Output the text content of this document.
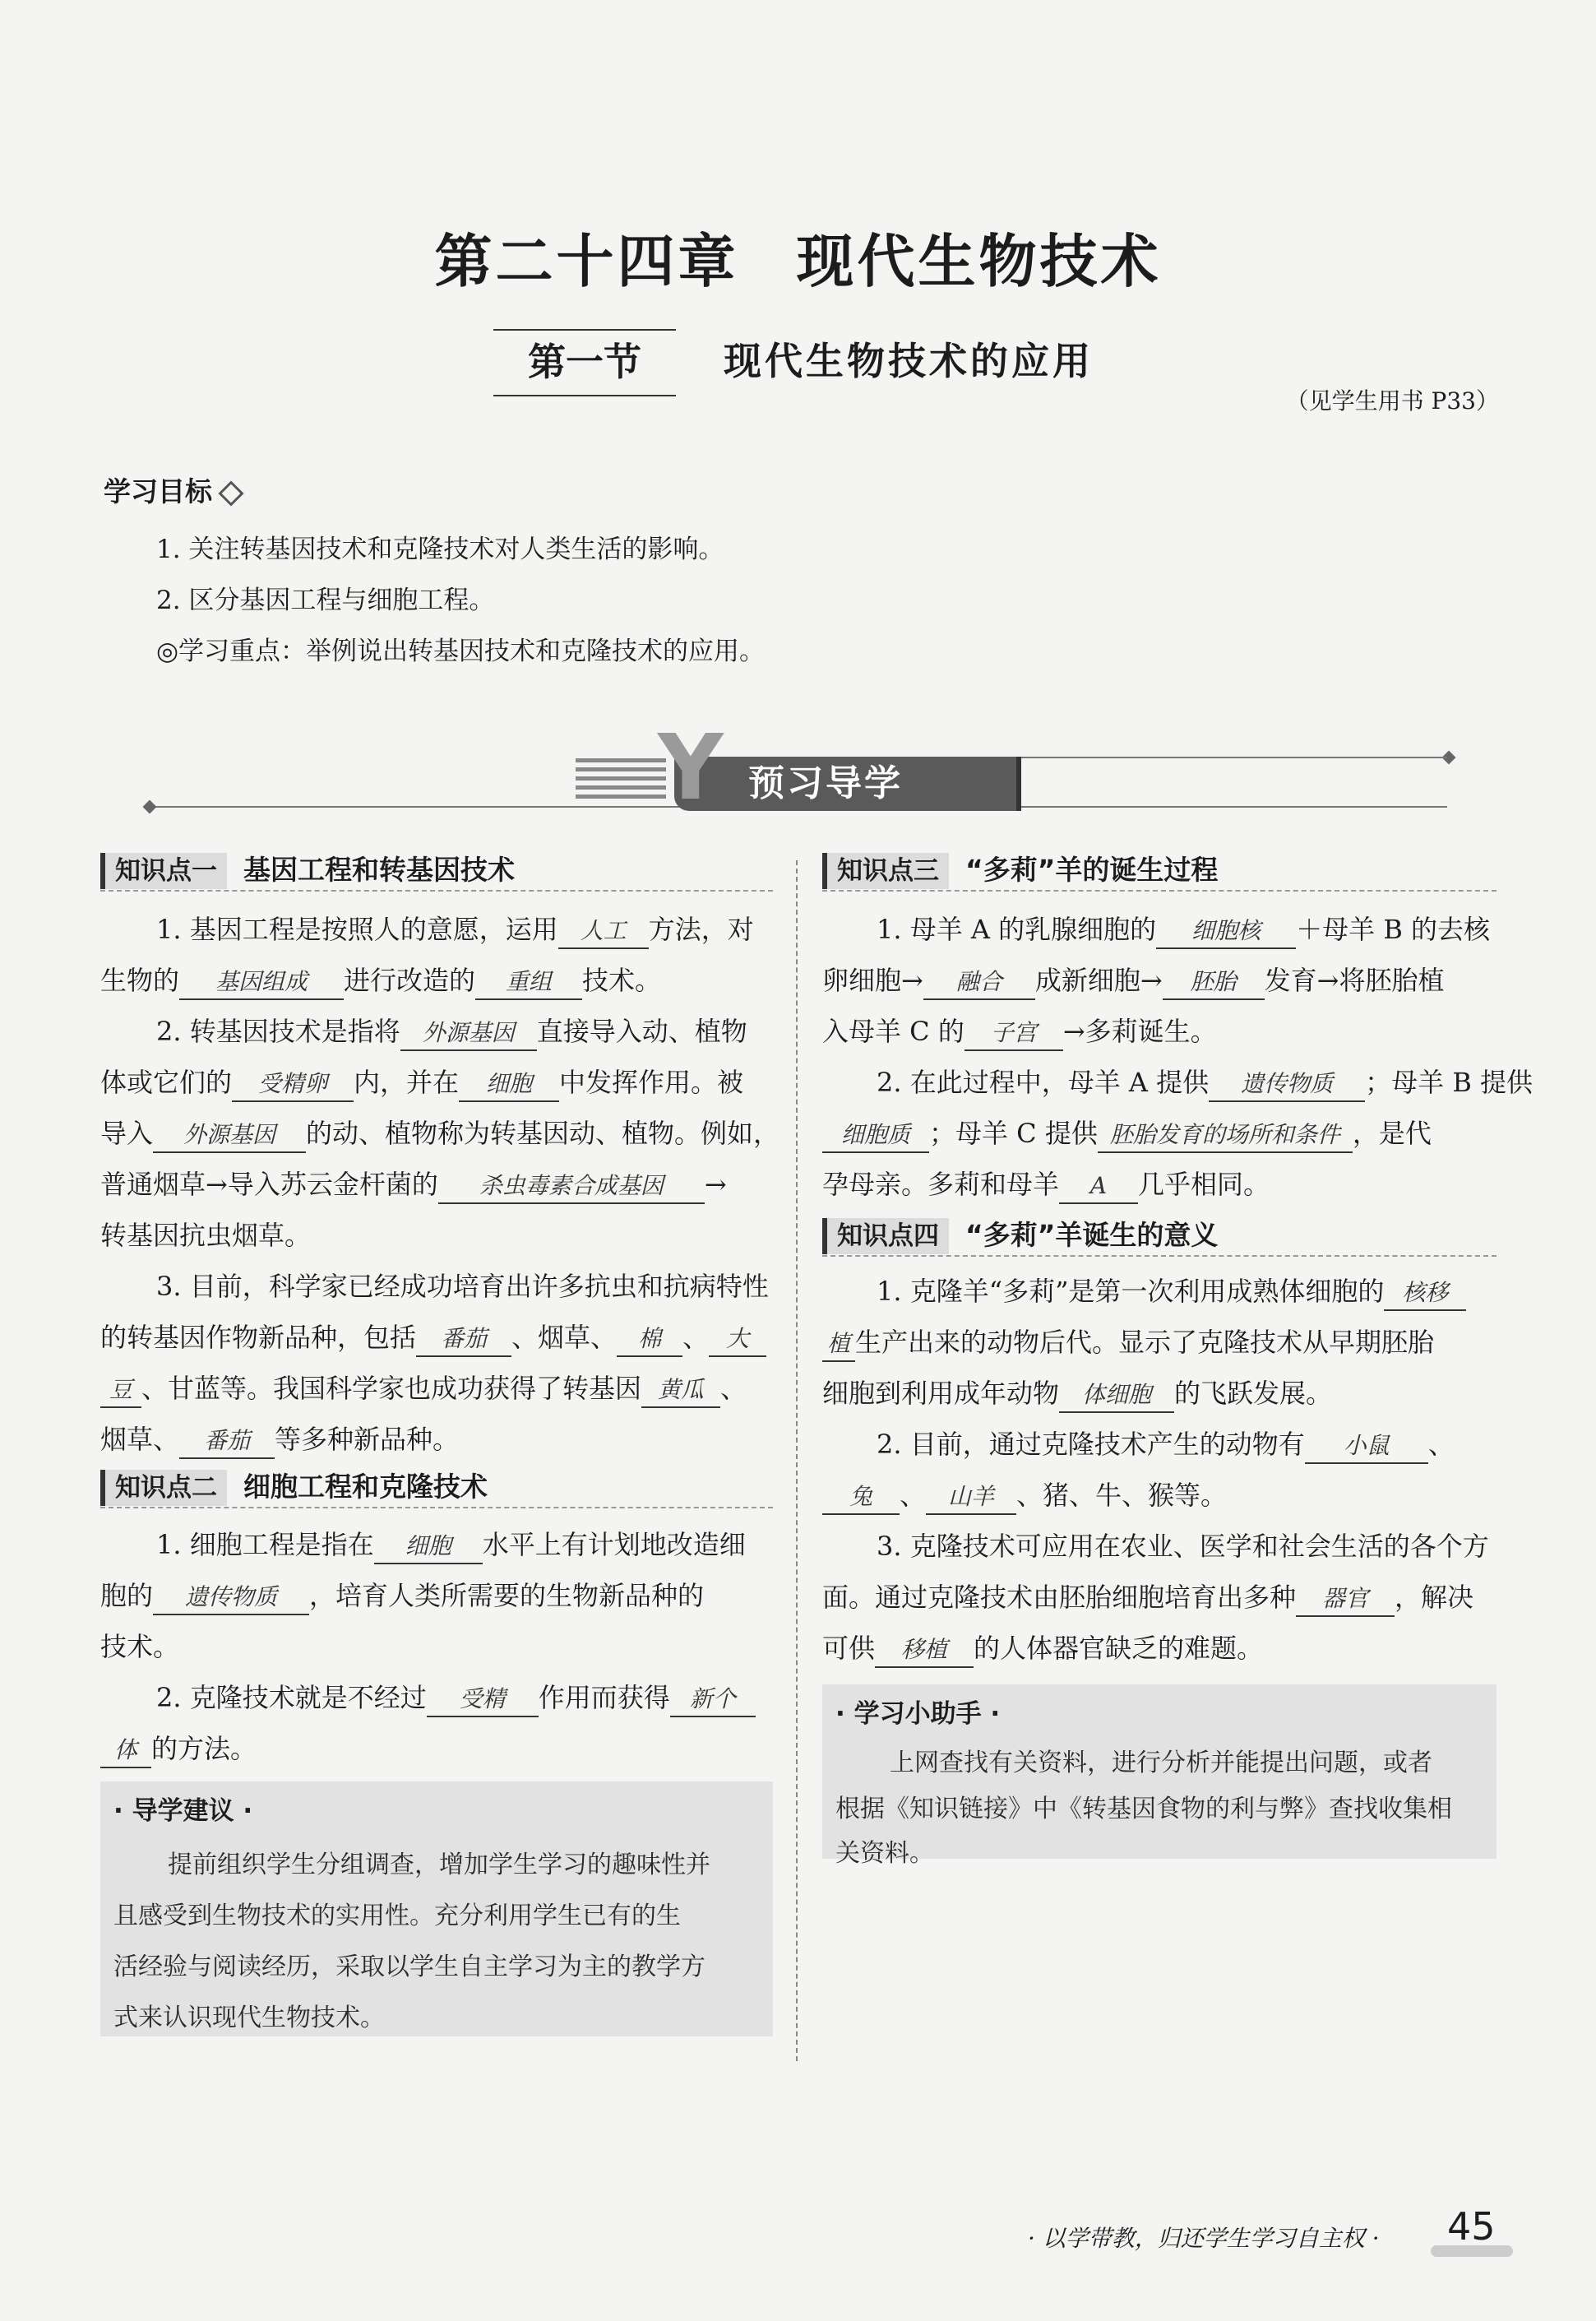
第二十四章 现代生物技术
第一节	现代生物技术的应用
（见学生用书 P33）
学习目标
1. 关注转基因技术和克隆技术对人类生活的影响。
2. 区分基因工程与细胞工程。
◎学习重点：举例说出转基因技术和克隆技术的应用。
预习导学
Y
知识点一 基因工程和转基因技术
1. 基因工程是按照人的意愿，运用 人工 方法，对
生物的 基因组成 进行改造的 重组 技术。
2. 转基因技术是指将 外源基因 直接导入动、植物
体或它们的 受精卵 内，并在 细胞 中发挥作用。被
导入 外源基因 的动、植物称为转基因动、植物。例如，
普通烟草→导入苏云金杆菌的 杀虫毒素合成基因 →
转基因抗虫烟草。
3. 目前，科学家已经成功培育出许多抗虫和抗病特性
的转基因作物新品种，包括 番茄 、烟草、 棉 、 大
豆 、甘蓝等。我国科学家也成功获得了转基因 黄瓜 、
烟草、 番茄 等多种新品种。
知识点二 细胞工程和克隆技术
1. 细胞工程是指在 细胞 水平上有计划地改造细
胞的 遗传物质 ，培育人类所需要的生物新品种的
技术。
2. 克隆技术就是不经过 受精 作用而获得 新个
体 的方法。
· 导学建议 ·
提前组织学生分组调查，增加学生学习的趣味性并
且感受到生物技术的实用性。充分利用学生已有的生
活经验与阅读经历，采取以学生自主学习为主的教学方
式来认识现代生物技术。
知识点三 “多莉”羊的诞生过程
1. 母羊 A 的乳腺细胞的 细胞核 ＋母羊 B 的去核
卵细胞→ 融合 成新细胞→ 胚胎 发育→将胚胎植
入母羊 C 的 子宫 →多莉诞生。
2. 在此过程中，母羊 A 提供 遗传物质 ；母羊 B 提供
细胞质 ；母羊 C 提供 胚胎发育的场所和条件 ，是代
孕母亲。多莉和母羊 A 几乎相同。
知识点四 “多莉”羊诞生的意义
1. 克隆羊“多莉”是第一次利用成熟体细胞的 核移
植 生产出来的动物后代。显示了克隆技术从早期胚胎
细胞到利用成年动物 体细胞 的飞跃发展。
2. 目前，通过克隆技术产生的动物有 小鼠 、
兔 、 山羊 、猪、牛、猴等。
3. 克隆技术可应用在农业、医学和社会生活的各个方
面。通过克隆技术由胚胎细胞培育出多种 器官 ，解决
可供 移植 的人体器官缺乏的难题。
· 学习小助手 ·
上网查找有关资料，进行分析并能提出问题，或者
根据《知识链接》中《转基因食物的利与弊》查找收集相
关资料。
· 以学带教，归还学生学习自主权 · 45
